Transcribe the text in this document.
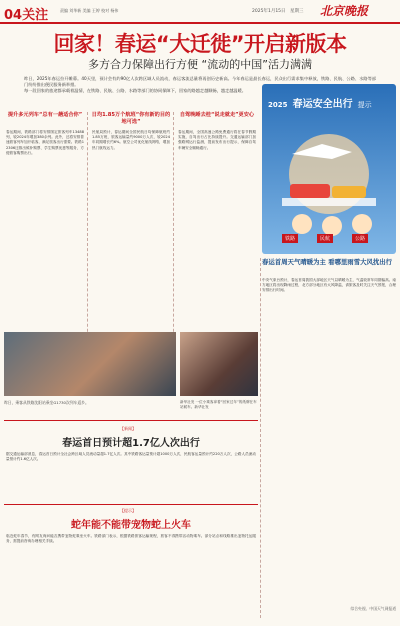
04关注	责编 刘华新 美编 王婷 校对 杨伟	2025年1月15日 星期三 北京晚报
回家！春运“大迁徙”开启新版本
多方合力保障出行方便 “流动的中国”活力满满
昨日，2025年春运拉开帷幕。40天里，预计会有约90亿人次跨区域人员流动，春运客流总量将再创历史新高。今年春运是最长春运，民众出行需求集中释放，铁路、民航、公路、水路等部门纷纷推出便民服务新举措。
每一段回家的旅途都承载着温情，在铁路、民航、公路、水路等部门的协同保障下，回家的路越走越顺畅，越走越温暖。
提升多元列车“总有一趟适合你”	日均1.85万个航班“你有新的目的地可选”
自驾晚睡去桂“说走就走”更安心
春运期间，铁路部门将安排图定旅客列车13488列，较2024年增加380余列。此外，还将安排普速旅客列车加开临客，满足旅客出行需要。铁路12306还推出候补购票、学生购票优惠等服务，方便旅客购票出行。
民航局预计，春运期间全国民航日均保障航班约1.85万班，旅客运输量约9000万人次，较2024年同期增长约6%。航空公司优化航线网络，增加热门航线运力。
春运期间，全国高速公路免费通行将在春节假期实施，自驾出行占比持续提升。交通运输部门加强路网运行监测，提前发布出行提示，保障自驾车辆安全顺畅通行。
2025 春运安全出行 提示
铁路	民航	公路
春运首周天气晴暖为主 看哪里雨雪大风扰出行
中央气象台预计，春运首周我国大部地区天气以晴暖为主，气温较常年同期偏高。南方地区将出现降雨过程，北方部分地区有大风降温，请旅客及时关注天气预报，合理安排出行时间。
综合央视、中国天气网报道
昨日，乘客从铁路沈阳站乘坐G1730次列车返乡。	新华社发 一位小乘客拿着“回家过年”的纸牌在车站候车。新华社发
【新闻】
春运首日预计超1.7亿人次出行
据交通运输部消息，春运首日预计全社会跨区域人员流动量超1.7亿人次。其中铁路客运量预计超1000万人次，民航客运量预计约220万人次，公路人员流动量预计约1.6亿人次。
【提示】
蛇年能不能带宠物蛇上火车
临近蛇年春节，有网友询问能否携带宠物蛇乘坐火车。铁路部门表示，根据铁路旅客运输规程，旅客不得携带活动物乘车。部分站点和线路推出宠物托运服务，需提前咨询办理相关手续。
